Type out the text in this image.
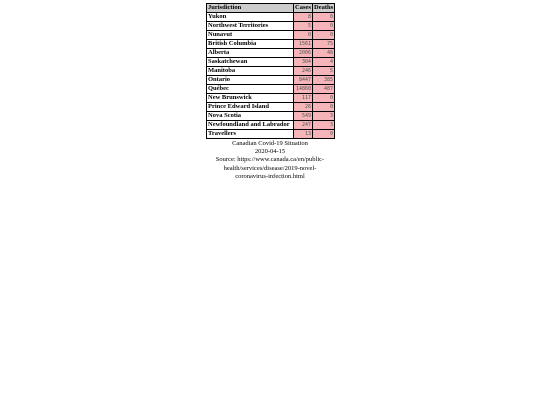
Jurisdiction	Cases	Deaths
Yukon	8	0
Northwest Territories	5	0
Nunavut	0	0
British Columbia	1561	75
Alberta	2006	48
Saskatchewan	304	4
Manitoba	246	5
Ontario	8447	385
Québec	14860	487
New Brunswick	117	0
Prince Edward Island	26	0
Nova Scotia	549	3
Newfoundland and Labrador	247	3
Travellers	13	0
Canadian Covid-19 Situation
2020-04-15
Source: https://www.canada.ca/en/public-
health/services/disease/2019-novel-
coronavirus-infection.html
